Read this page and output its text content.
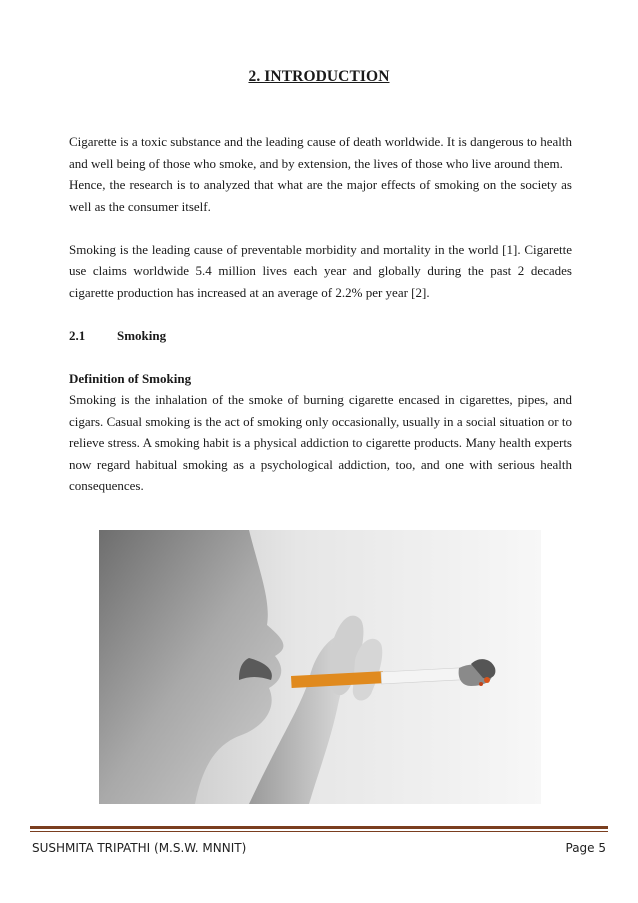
2. INTRODUCTION

Cigarette is a toxic substance and the leading cause of death worldwide. It is dangerous to health and well being of those who smoke, and by extension, the lives of those who live around them.

Hence, the research is to analyzed that what are the major effects of smoking on the society as well as the consumer itself.

Smoking is the leading cause of preventable morbidity and mortality in the world [1]. Cigarette use claims worldwide 5.4 million lives each year and globally during the past 2 decades cigarette production has increased at an average of 2.2% per year [2].

2.1	Smoking
Definition of Smoking

Smoking is the inhalation of the smoke of burning cigarette encased in cigarettes, pipes, and cigars. Casual smoking is the act of smoking only occasionally, usually in a social situation or to relieve stress. A smoking habit is a physical addiction to cigarette products. Many health experts now regard habitual smoking as a psychological addiction, too, and one with serious health consequences.

SUSHMITA TRIPATHI (M.S.W. MNNIT)	Page 5
